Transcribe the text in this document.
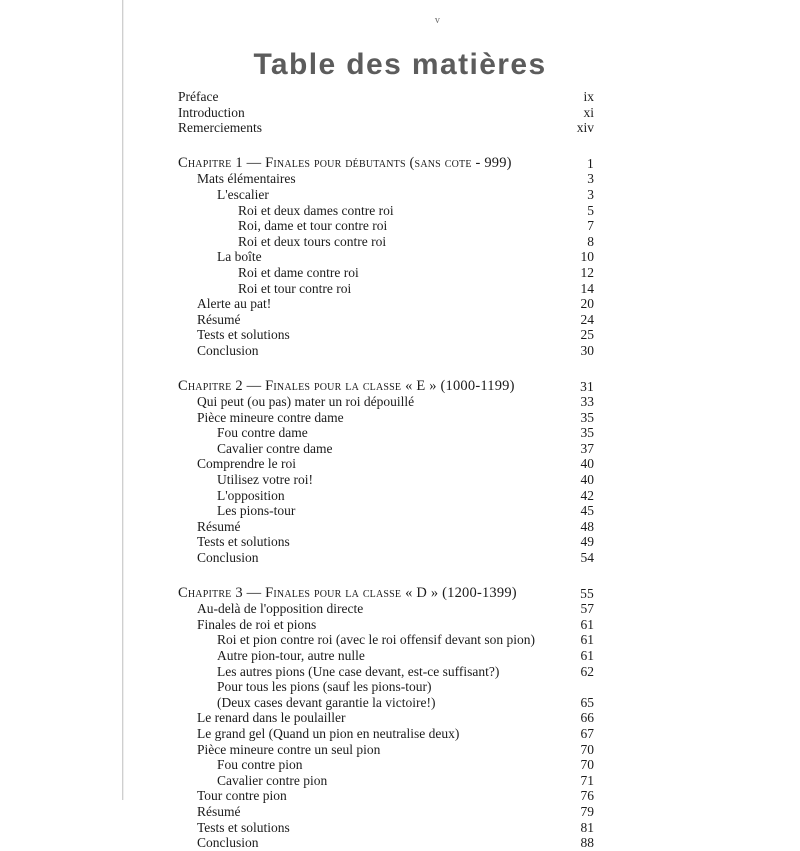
v
Table des matières
Préface	ix
Introduction	xi
Remerciements	xiv
Chapitre 1 — Finales pour débutants (sans cote - 999)	1
Mats élémentaires	3
L'escalier	3
Roi et deux dames contre roi	5
Roi, dame et tour contre roi	7
Roi et deux tours contre roi	8
La boîte	10
Roi et dame contre roi	12
Roi et tour contre roi	14
Alerte au pat!	20
Résumé	24
Tests et solutions	25
Conclusion	30
Chapitre 2 — Finales pour la classe « E » (1000-1199)	31
Qui peut (ou pas) mater un roi dépouillé	33
Pièce mineure contre dame	35
Fou contre dame	35
Cavalier contre dame	37
Comprendre le roi	40
Utilisez votre roi!	40
L'opposition	42
Les pions-tour	45
Résumé	48
Tests et solutions	49
Conclusion	54
Chapitre 3 — Finales pour la classe « D » (1200-1399)	55
Au-delà de l'opposition directe	57
Finales de roi et pions	61
Roi et pion contre roi (avec le roi offensif devant son pion)	61
Autre pion-tour, autre nulle	61
Les autres pions (Une case devant, est-ce suffisant?)	62
Pour tous les pions (sauf les pions-tour)
(Deux cases devant garantie la victoire!)	65
Le renard dans le poulailler	66
Le grand gel (Quand un pion en neutralise deux)	67
Pièce mineure contre un seul pion	70
Fou contre pion	70
Cavalier contre pion	71
Tour contre pion	76
Résumé	79
Tests et solutions	81
Conclusion	88
